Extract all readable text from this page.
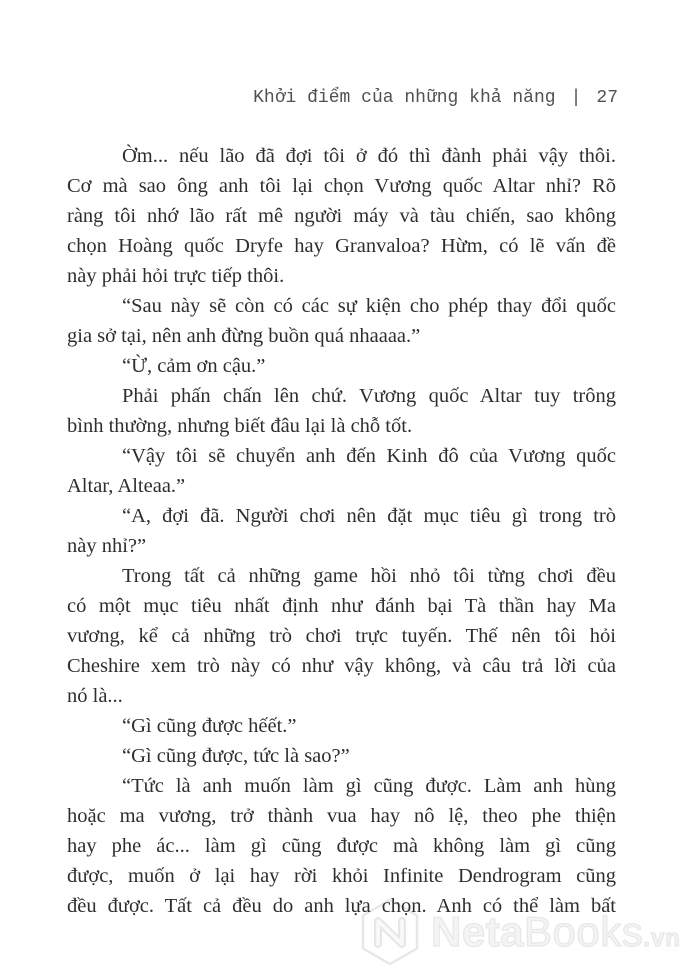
Khởi điểm của những khả năng | 27
Ờm... nếu lão đã đợi tôi ở đó thì đành phải vậy thôi.
Cơ mà sao ông anh tôi lại chọn Vương quốc Altar nhỉ? Rõ
ràng tôi nhớ lão rất mê người máy và tàu chiến, sao không
chọn Hoàng quốc Dryfe hay Granvaloa? Hừm, có lẽ vấn đề
này phải hỏi trực tiếp thôi.
“Sau này sẽ còn có các sự kiện cho phép thay đổi quốc
gia sở tại, nên anh đừng buồn quá nhaaaa.”
“Ừ, cảm ơn cậu.”
Phải phấn chấn lên chứ. Vương quốc Altar tuy trông
bình thường, nhưng biết đâu lại là chỗ tốt.
“Vậy tôi sẽ chuyển anh đến Kinh đô của Vương quốc
Altar, Alteaa.”
“A, đợi đã. Người chơi nên đặt mục tiêu gì trong trò
này nhỉ?”
Trong tất cả những game hồi nhỏ tôi từng chơi đều
có một mục tiêu nhất định như đánh bại Tà thần hay Ma
vương, kể cả những trò chơi trực tuyến. Thế nên tôi hỏi
Cheshire xem trò này có như vậy không, và câu trả lời của
nó là...
“Gì cũng được hếết.”
“Gì cũng được, tức là sao?”
“Tức là anh muốn làm gì cũng được. Làm anh hùng
hoặc ma vương, trở thành vua hay nô lệ, theo phe thiện
hay phe ác... làm gì cũng được mà không làm gì cũng
được, muốn ở lại hay rời khỏi Infinite Dendrogram cũng
đều được. Tất cả đều do anh lựa chọn. Anh có thể làm bất
NetaBooks.vn
